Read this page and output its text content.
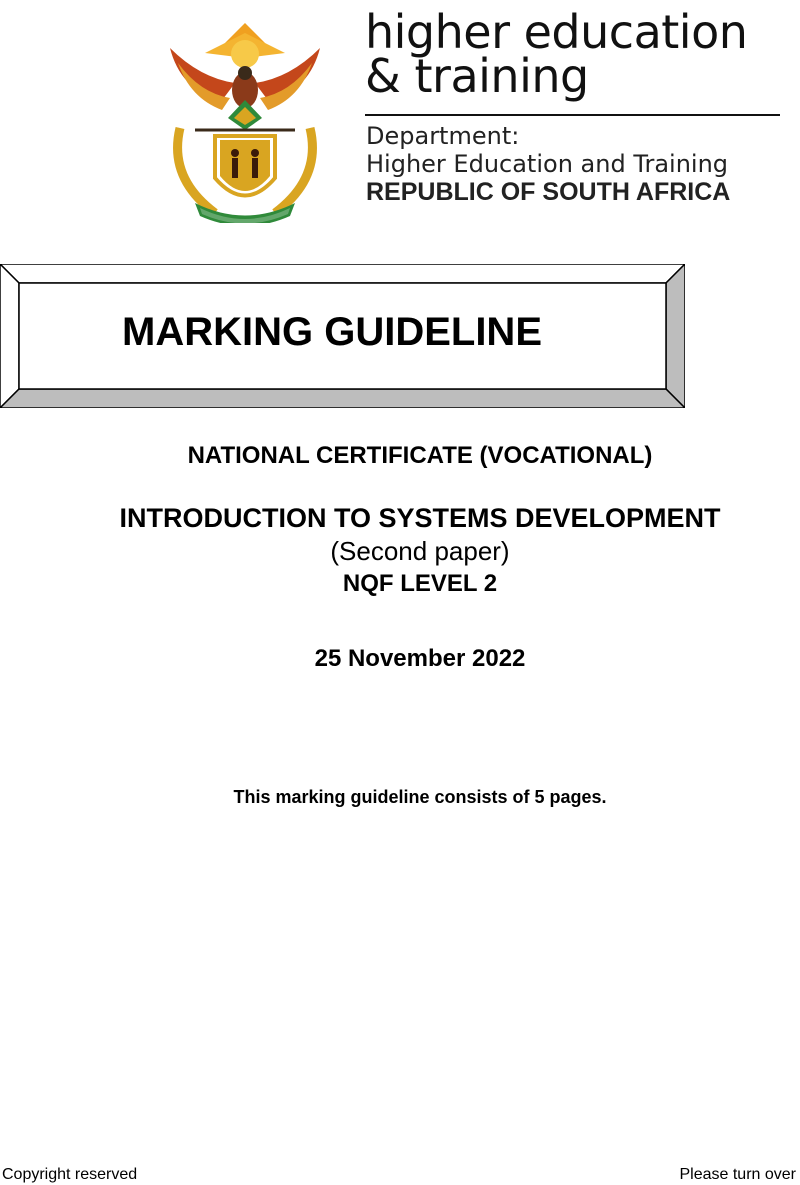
higher education
& training
Department:
Higher Education and Training
REPUBLIC OF SOUTH AFRICA
MARKING GUIDELINE
NATIONAL CERTIFICATE (VOCATIONAL)
INTRODUCTION TO SYSTEMS DEVELOPMENT
(Second paper)
NQF LEVEL 2
25 November 2022
This marking guideline consists of 5 pages.
Copyright reserved	Please turn over
